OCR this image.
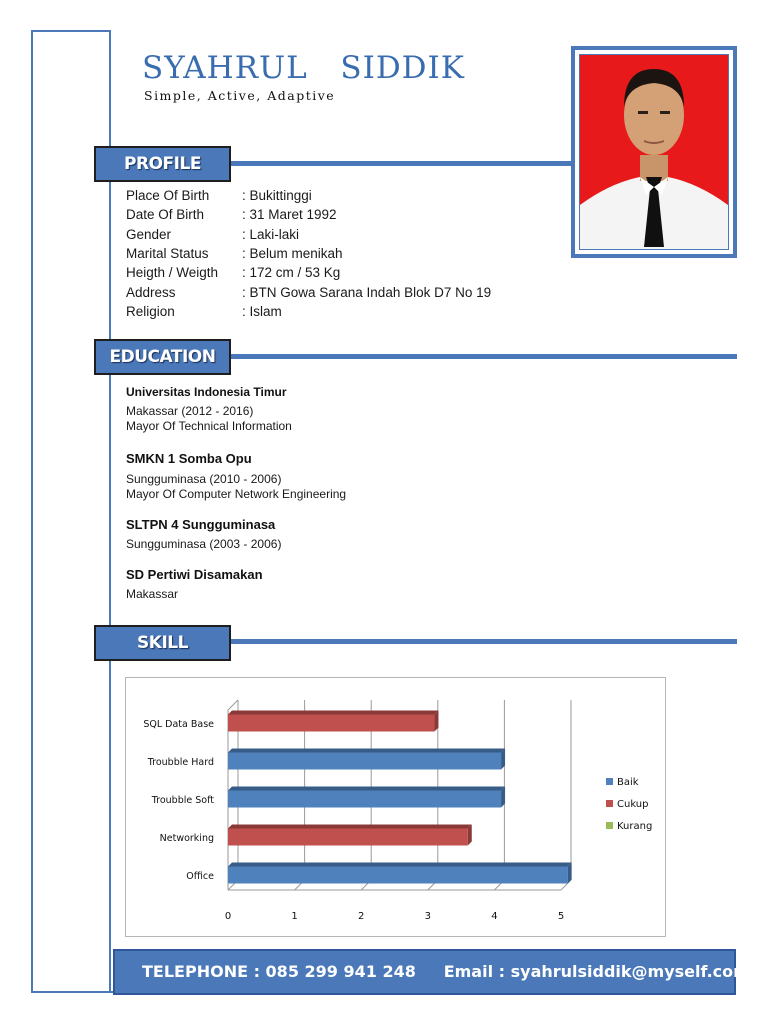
SYAHRUL   SIDDIK
Simple, Active, Adaptive
PROFILE
Place Of Birth	: Bukittinggi
Date Of Birth	: 31 Maret 1992
Gender	: Laki-laki
Marital Status	: Belum menikah
Heigth / Weigth	: 172 cm / 53 Kg
Address	: BTN Gowa Sarana Indah Blok D7 No 19
Religion	: Islam
EDUCATION
Universitas Indonesia Timur
Makassar (2012 - 2016)
Mayor Of Technical Information
SMKN 1 Somba Opu
Sungguminasa (2010 - 2006)
Mayor Of Computer Network Engineering
SLTPN 4 Sungguminasa
Sungguminasa (2003 - 2006)
SD Pertiwi Disamakan
Makassar
SKILL
0	1	2	3	4	5
SQL Data Base
Troubble Hard
Troubble Soft
Networking
Office
Baik
Cukup
Kurang
TELEPHONE : 085 299 941 248     Email : syahrulsiddik@myself.com
